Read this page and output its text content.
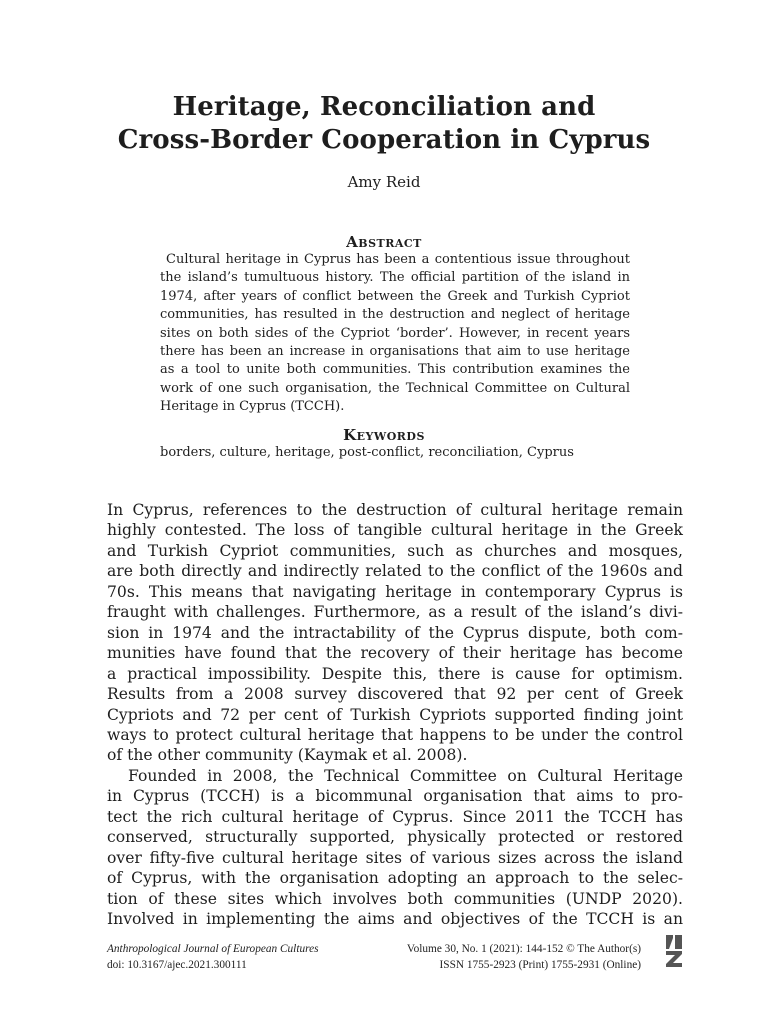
Heritage, Reconciliation and
Cross-Border Cooperation in Cyprus
Amy Reid
Abstract
Cultural heritage in Cyprus has been a contentious issue throughout
the island’s tumultuous history. The official partition of the island in
1974, after years of conflict between the Greek and Turkish Cypriot
communities, has resulted in the destruction and neglect of heritage
sites on both sides of the Cypriot ‘border’. However, in recent years
there has been an increase in organisations that aim to use heritage
as a tool to unite both communities. This contribution examines the
work of one such organisation, the Technical Committee on Cultural
Heritage in Cyprus (TCCH).
Keywords
borders, culture, heritage, post-conflict, reconciliation, Cyprus
In Cyprus, references to the destruction of cultural heritage remain
highly contested. The loss of tangible cultural heritage in the Greek
and Turkish Cypriot communities, such as churches and mosques,
are both directly and indirectly related to the conflict of the 1960s and
70s. This means that navigating heritage in contemporary Cyprus is
fraught with challenges. Furthermore, as a result of the island’s divi-
sion in 1974 and the intractability of the Cyprus dispute, both com-
munities have found that the recovery of their heritage has become
a practical impossibility. Despite this, there is cause for optimism.
Results from a 2008 survey discovered that 92 per cent of Greek
Cypriots and 72 per cent of Turkish Cypriots supported finding joint
ways to protect cultural heritage that happens to be under the control
of the other community (Kaymak et al. 2008).
Founded in 2008, the Technical Committee on Cultural Heritage
in Cyprus (TCCH) is a bicommunal organisation that aims to pro-
tect the rich cultural heritage of Cyprus. Since 2011 the TCCH has
conserved, structurally supported, physically protected or restored
over fifty-five cultural heritage sites of various sizes across the island
of Cyprus, with the organisation adopting an approach to the selec-
tion of these sites which involves both communities (UNDP 2020).
Involved in implementing the aims and objectives of the TCCH is an
Anthropological Journal of European Cultures
doi: 10.3167/ajec.2021.300111
Volume 30, No. 1 (2021): 144-152 © The Author(s)
ISSN 1755-2923 (Print) 1755-2931 (Online)
